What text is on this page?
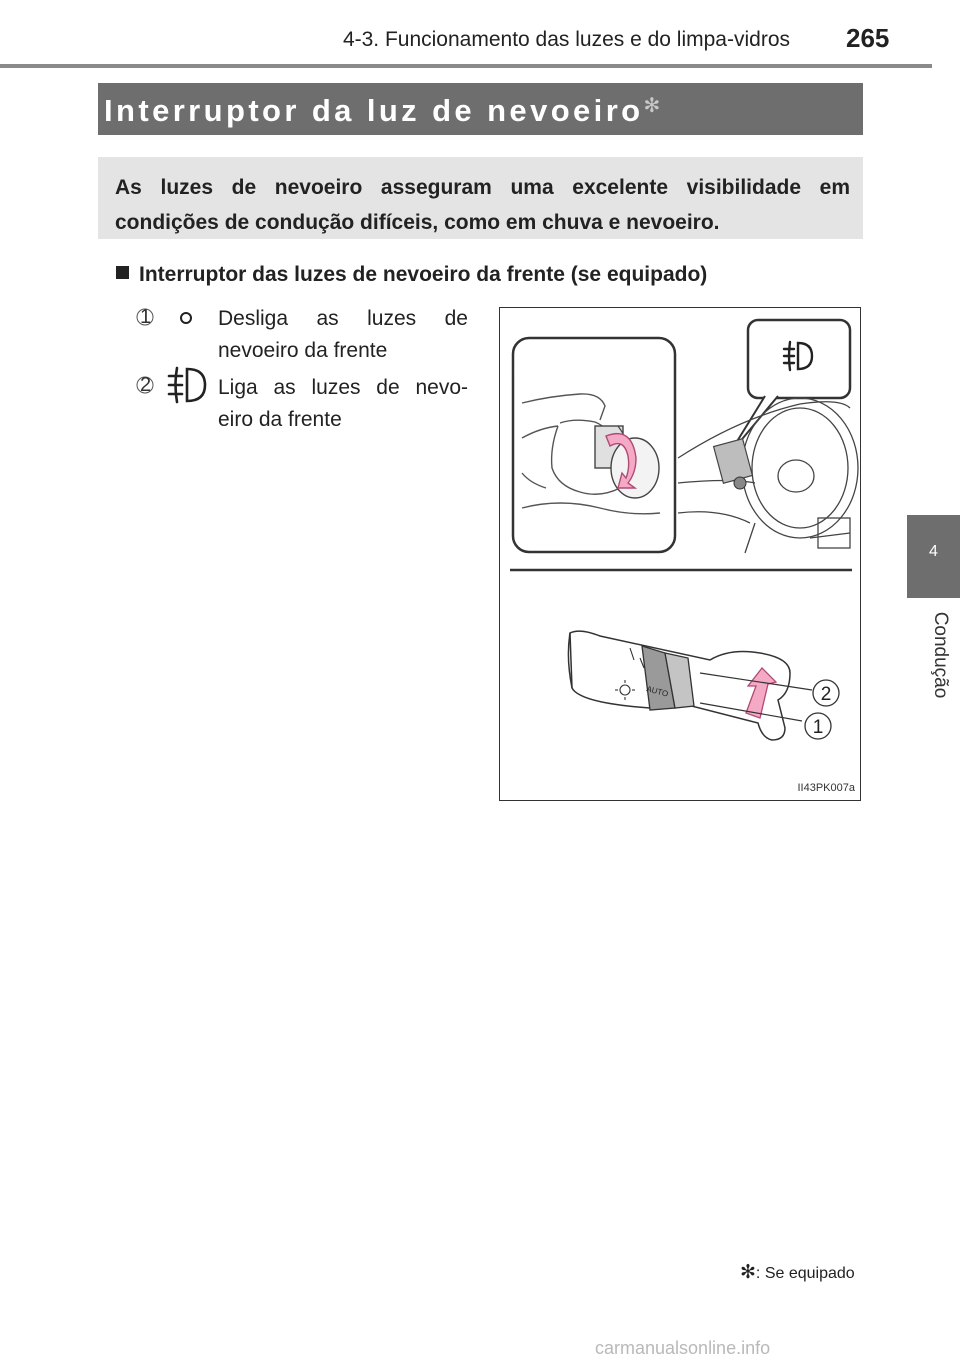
4-3. Funcionamento das luzes e do limpa-vidros 265
4
Condução
Interruptor da luz de nevoeiro✻

As luzes de nevoeiro asseguram uma excelente visibilidade em condições de condução difíceis, como em chuva e nevoeiro.

Interruptor das luzes de nevoeiro da frente (se equipado)
1	Desliga as luzes de
nevoeiro da frente
2	Liga as luzes de nevo-
eiro da frente
AUTO	2
1
II43PK007a
✻: Se equipado
carmanualsonline.info
